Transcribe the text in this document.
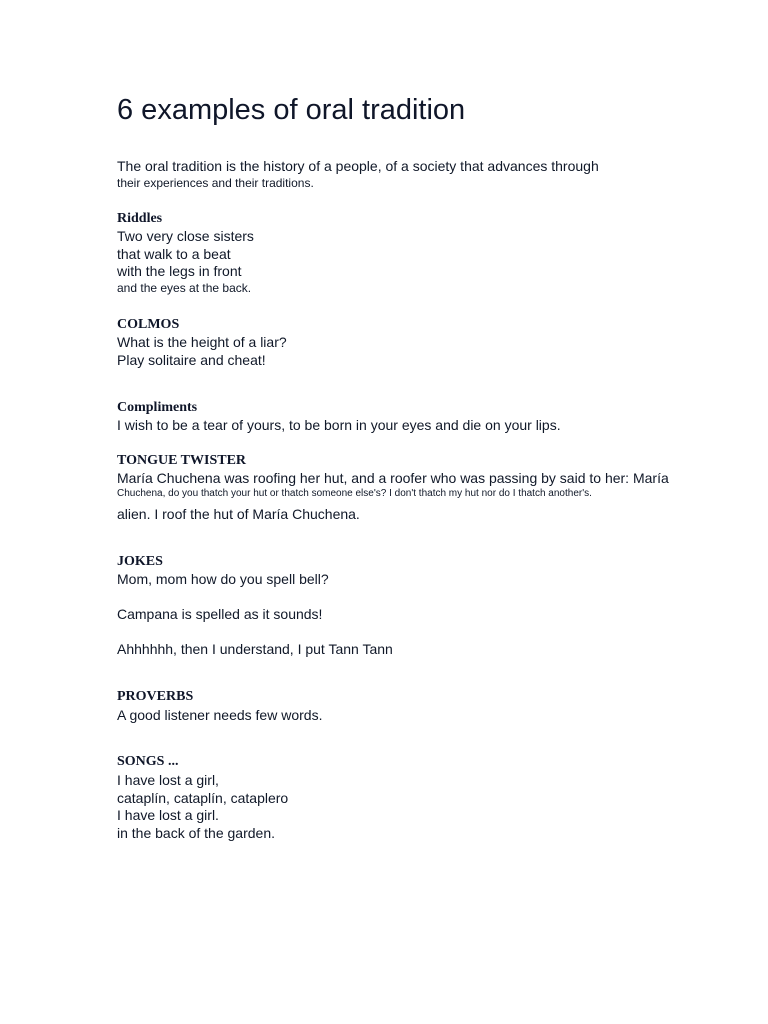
6 examples of oral tradition
The oral tradition is the history of a people, of a society that advances through
their experiences and their traditions.
Riddles
Two very close sisters
that walk to a beat
with the legs in front
and the eyes at the back.
COLMOS
What is the height of a liar?
Play solitaire and cheat!
Compliments
I wish to be a tear of yours, to be born in your eyes and die on your lips.
TONGUE TWISTER
María Chuchena was roofing her hut, and a roofer who was passing by said to her: María
Chuchena, do you thatch your hut or thatch someone else's? I don't thatch my hut nor do I thatch another's.
alien. I roof the hut of María Chuchena.
JOKES
Mom, mom how do you spell bell?
Campana is spelled as it sounds!
Ahhhhhh, then I understand, I put Tann Tann
PROVERBS
A good listener needs few words.
SONGS ...
I have lost a girl,
cataplín, cataplín, cataplero
I have lost a girl.
in the back of the garden.
